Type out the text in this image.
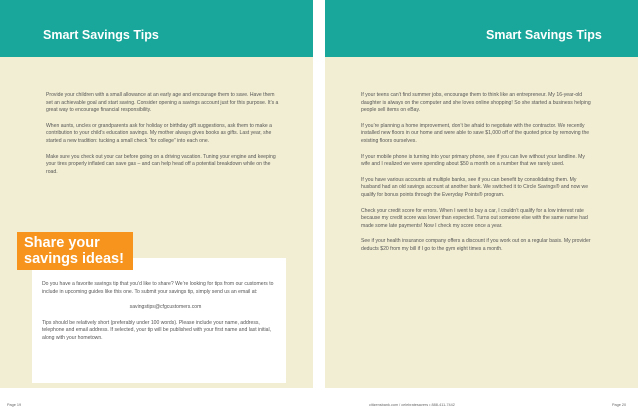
Smart Savings Tips	Smart Savings Tips

Provide your children with a small allowance at an early age and encourage them to save. Have them set an achievable goal and start saving. Consider opening a savings account just for this purpose. It’s a great way to encourage financial responsibility.

When aunts, uncles or grandparents ask for holiday or birthday gift suggestions, ask them to make a contribution to your child’s education savings. My mother always gives books as gifts. Last year, she started a new tradition: tucking a small check “for college” into each one.

Make sure you check out your car before going on a driving vacation. Tuning your engine and keeping your tires properly inflated can save gas – and can help head off a potential breakdown while on the road.

Do you have a favorite savings tip that you’d like to share? We’re looking for tips from our customers to include in upcoming guides like this one. To submit your savings tip, simply send us an email at:

savingstips@cfgcustomers.com

Tips should be relatively short (preferably under 100 words). Please include your name, address, telephone and email address. If selected, your tip will be published with your first name and last initial, along with your hometown.

Share your
savings ideas!

If your teens can’t find summer jobs, encourage them to think like an entrepreneur. My 16-year-old daughter is always on the computer and she loves online shopping! So she started a business helping people sell items on eBay.

If you’re planning a home improvement, don’t be afraid to negotiate with the contractor. We recently installed new floors in our home and were able to save $1,000 off of the quoted price by removing the existing floors ourselves.

If your mobile phone is turning into your primary phone, see if you can live without your landline. My wife and I realized we were spending about $50 a month on a number that we rarely used.

If you have various accounts at multiple banks, see if you can benefit by consolidating them. My husband had an old savings account at another bank. We switched it to Circle Savings® and now we qualify for bonus points through the Everyday Points® program.

Check your credit score for errors. When I went to buy a car, I couldn’t qualify for a low interest rate because my credit score was lower than expected. Turns out someone else with the same name had made some late payments! Now I check my score once a year.

See if your health insurance company offers a discount if you work out on a regular basis. My provider deducts $20 from my bill if I go to the gym eight times a month.

Page 19	citizensbank.com / celebratesavers • 888-411-7442	Page 20
